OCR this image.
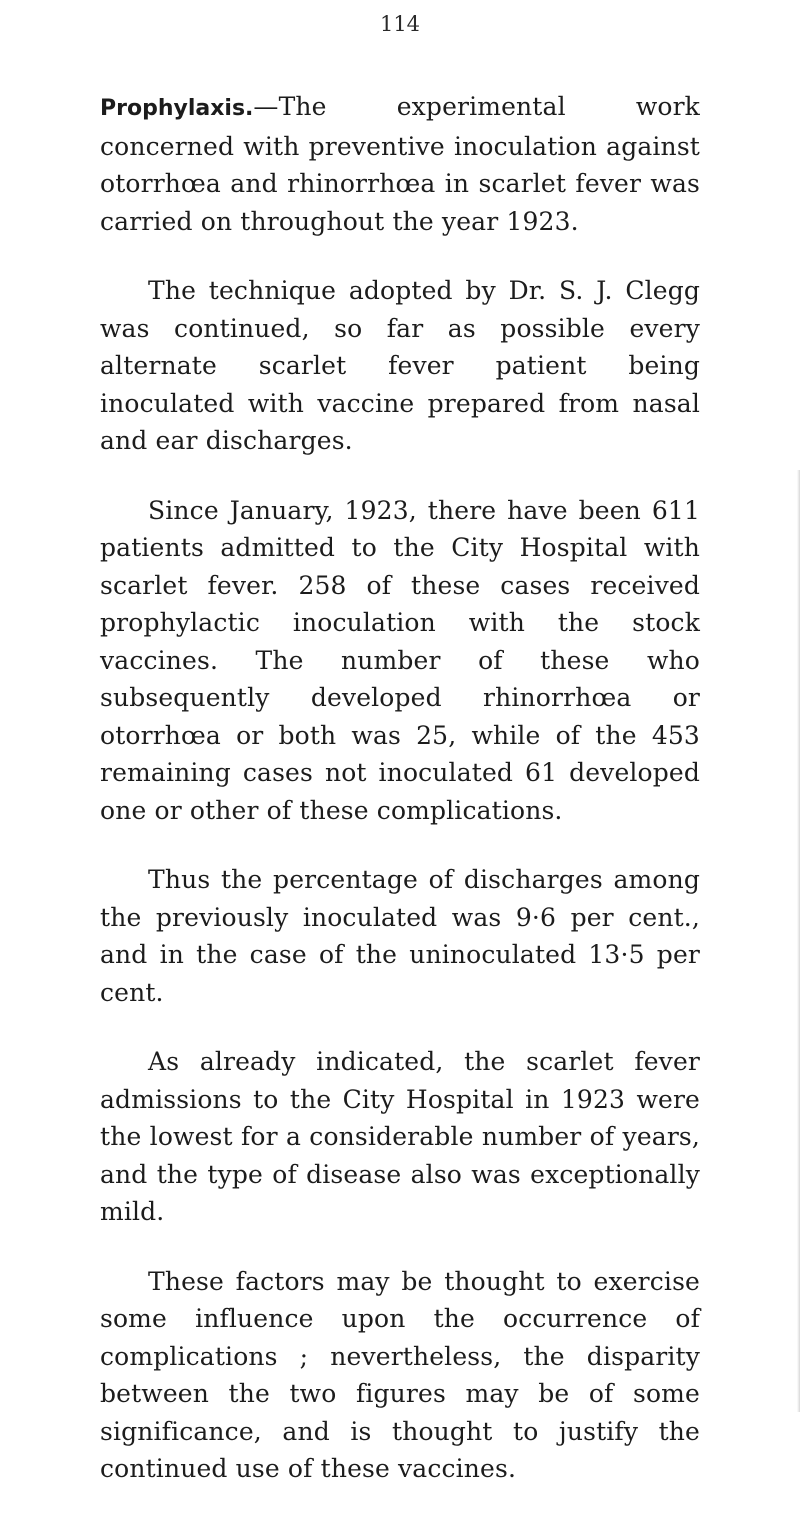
114

Prophylaxis.—The experimental work concerned with preventive inoculation against otorrhœa and rhinorrhœa in scarlet fever was carried on throughout the year 1923.

The technique adopted by Dr. S. J. Clegg was continued, so far as possible every alternate scarlet fever patient being inoculated with vaccine prepared from nasal and ear discharges.

Since January, 1923, there have been 611 patients admitted to the City Hospital with scarlet fever. 258 of these cases received prophylactic inoculation with the stock vaccines. The number of these who subsequently developed rhinorrhœa or otorrhœa or both was 25, while of the 453 remaining cases not inoculated 61 developed one or other of these complications.

Thus the percentage of discharges among the previously inoculated was 9·6 per cent., and in the case of the uninoculated 13·5 per cent.

As already indicated, the scarlet fever admissions to the City Hospital in 1923 were the lowest for a considerable number of years, and the type of disease also was exceptionally mild.

These factors may be thought to exercise some influence upon the occurrence of complications ; nevertheless, the disparity between the two figures may be of some significance, and is thought to justify the continued use of these vaccines.
